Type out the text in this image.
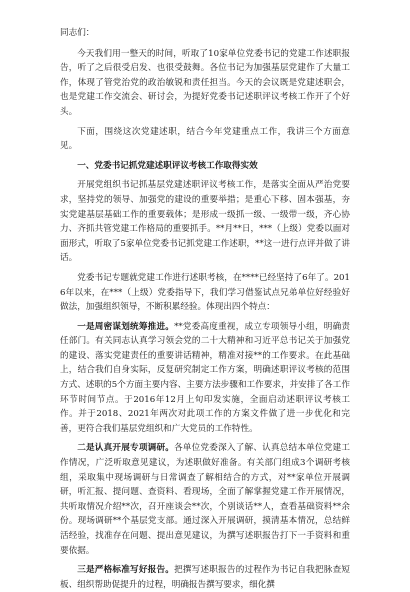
同志们：

今天我们用一整天的时间，听取了10家单位党委书记的党建工作述职报告，听了之后很受启发、也很受鼓舞。各位书记为加强基层党建作了大量工作，体现了管党治党的政治敏锐和责任担当。今天的会议既是党建述职会，也是党建工作交流会、研讨会，为提好党委书记述职评议考核工作开了个好头。

下面，围绕这次党建述职，结合今年党建重点工作，我讲三个方面意见。

一、党委书记抓党建述职评议考核工作取得实效

开展党组织书记抓基层党建述职评议考核工作，是落实全面从严治党要求，坚持党的领导、加强党的建设的重要举措；是重心下移、固本强基，夯实党建基层基础工作的重要载体；是形成一级抓一级、一级带一级，齐心协力、齐抓共管党建工作格局的重要抓手。**月**日，***（上级）党委以面对面形式，听取了5家单位党委书记抓党建工作述职，**这一进行点评并做了讲话。

党委书记专题就党建工作进行述职考核，在****已经坚持了6年了。2016年以来，在***（上级）党委指导下，我们学习借鉴试点兄弟单位好经验好做法，加强组织领导，不断积累经验。体现出四个特点：

一是周密谋划统筹推进。**党委高度重视，成立专项领导小组，明确责任部门。有关同志认真学习领会党的二十大精神和习近平总书记关于加强党的建设、落实党建责任的重要讲话精神，精准对接**的工作要求。在此基础上，结合我们自身实际，反复研究制定工作方案，明确述职评议考核的范围方式、述职的5个方面主要内容、主要方法步骤和工作要求，并安排了各工作环节时间节点。于2016年12月上旬印发实施，全面启动述职评议考核工作。并于2018、2021年两次对此项工作的方案文件做了进一步优化和完善，更符合我们基层党组织和广大党员的工作特性。

二是认真开展专项调研。各单位党委深入了解、认真总结本单位党建工作情况，广泛听取意见建议，为述职做好准备。有关部门组成3个调研考核组，采取集中现场调研与日常调查了解相结合的方式，对**家单位开展调研，听汇报、提问题、查资料、看现场，全面了解掌握党建工作开展情况，共听取情况介绍**次，召开座谈会**次，个别谈话**人，查看基础资料**余份。现场调研**个基层党支部。通过深入开展调研，摸清基本情况，总结鲜活经验，找准存在问题、提出意见建议，为撰写述职报告打下一手资料和重要依据。

三是严格标准写好报告。把撰写述职报告的过程作为书记自我把脉查短板、组织帮助促提升的过程，明确报告撰写要求，细化撰
